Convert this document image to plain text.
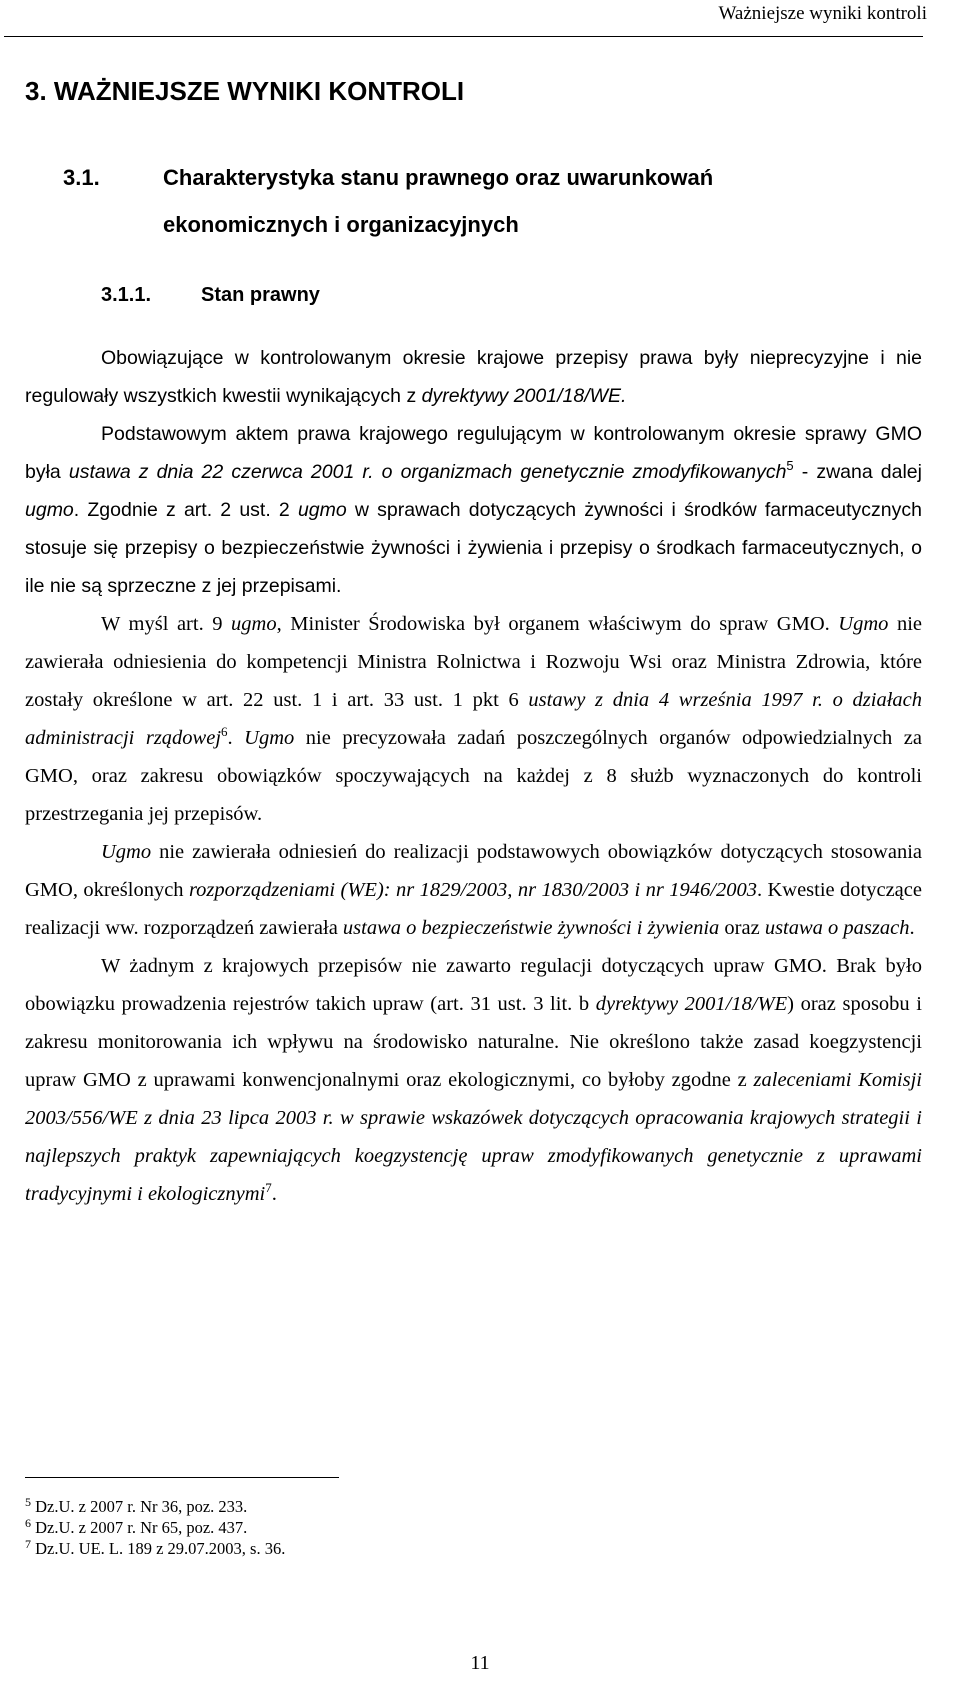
Ważniejsze wyniki kontroli
3. WAŻNIEJSZE WYNIKI KONTROLI
3.1.	Charakterystyka stanu prawnego oraz uwarunkowań ekonomicznych i organizacyjnych
3.1.1. Stan prawny

Obowiązujące w kontrolowanym okresie krajowe przepisy prawa były nieprecyzyjne i nie regulowały wszystkich kwestii wynikających z dyrektywy 2001/18/WE.

Podstawowym aktem prawa krajowego regulującym w kontrolowanym okresie sprawy GMO była ustawa z dnia 22 czerwca 2001 r. o organizmach genetycznie zmodyfikowanych$^5$ - zwana dalej ugmo. Zgodnie z art. 2 ust. 2 ugmo w sprawach dotyczących żywności i środków farmaceutycznych stosuje się przepisy o bezpieczeństwie żywności i żywienia i przepisy o środkach farmaceutycznych, o ile nie są sprzeczne z jej przepisami.

W myśl art. 9 ugmo, Minister Środowiska był organem właściwym do spraw GMO. Ugmo nie zawierała odniesienia do kompetencji Ministra Rolnictwa i Rozwoju Wsi oraz Ministra Zdrowia, które zostały określone w art. 22 ust. 1 i art. 33 ust. 1 pkt 6 ustawy z dnia 4 września 1997 r. o działach administracji rządowej$^6$. Ugmo nie precyzowała zadań poszczególnych organów odpowiedzialnych za GMO, oraz zakresu obowiązków spoczywających na każdej z 8 służb wyznaczonych do kontroli przestrzegania jej przepisów.

Ugmo nie zawierała odniesień do realizacji podstawowych obowiązków dotyczących stosowania GMO, określonych rozporządzeniami (WE): nr 1829/2003, nr 1830/2003 i nr 1946/2003. Kwestie dotyczące realizacji ww. rozporządzeń zawierała ustawa o bezpieczeństwie żywności i żywienia oraz ustawa o paszach.

W żadnym z krajowych przepisów nie zawarto regulacji dotyczących upraw GMO. Brak było obowiązku prowadzenia rejestrów takich upraw (art. 31 ust. 3 lit. b dyrektywy 2001/18/WE) oraz sposobu i zakresu monitorowania ich wpływu na środowisko naturalne. Nie określono także zasad koegzystencji upraw GMO z uprawami konwencjonalnymi oraz ekologicznymi, co byłoby zgodne z zaleceniami Komisji 2003/556/WE z dnia 23 lipca 2003 r. w sprawie wskazówek dotyczących opracowania krajowych strategii i najlepszych praktyk zapewniających koegzystencję upraw zmodyfikowanych genetycznie z uprawami tradycyjnymi i ekologicznymi$^7$.

$^5$ Dz.U. z 2007 r. Nr 36, poz. 233.
$^6$ Dz.U. z 2007 r. Nr 65, poz. 437.
$^7$ Dz.U. UE. L. 189 z 29.07.2003, s. 36.
11
